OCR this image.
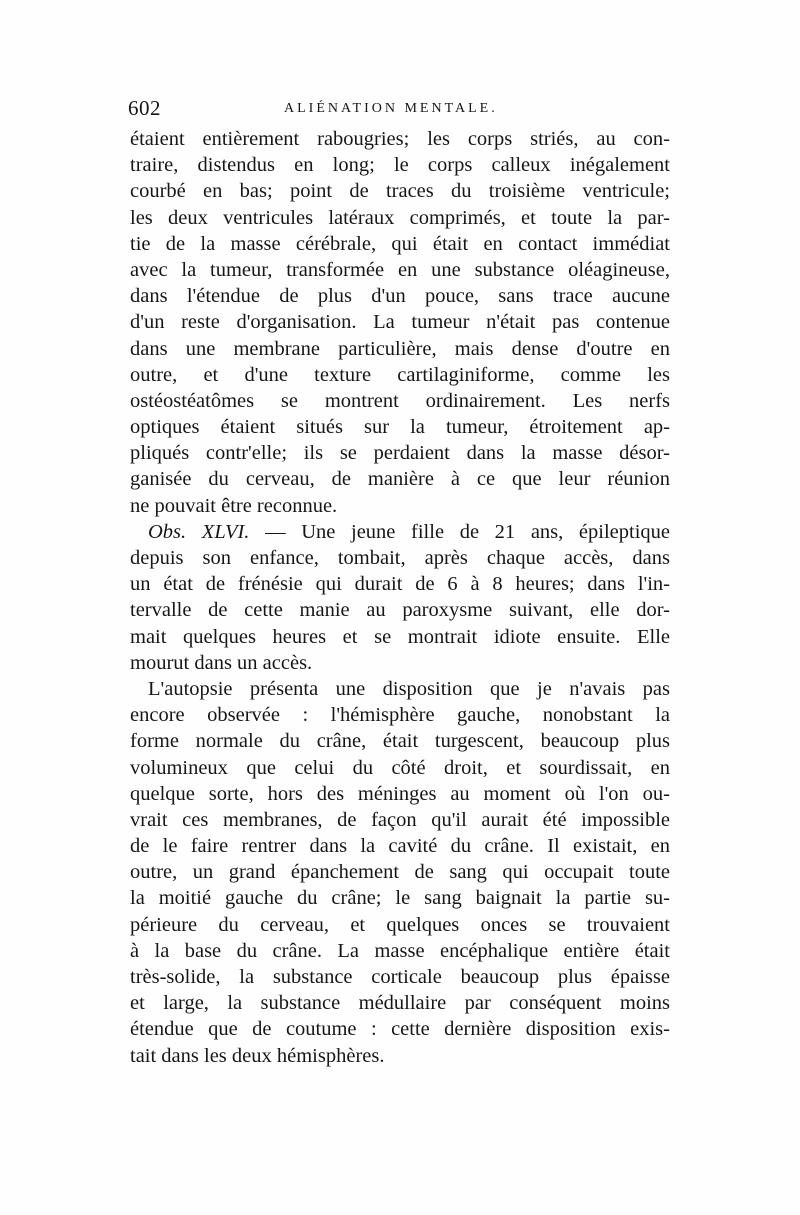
602	ALIÉNATION MENTALE.
étaient entièrement rabougries; les corps striés, au con-
traire, distendus en long; le corps calleux inégalement
courbé en bas; point de traces du troisième ventricule;
les deux ventricules latéraux comprimés, et toute la par-
tie de la masse cérébrale, qui était en contact immédiat
avec la tumeur, transformée en une substance oléagineuse,
dans l'étendue de plus d'un pouce, sans trace aucune
d'un reste d'organisation. La tumeur n'était pas contenue
dans une membrane particulière, mais dense d'outre en
outre, et d'une texture cartilaginiforme, comme les
ostéostéatômes se montrent ordinairement. Les nerfs
optiques étaient situés sur la tumeur, étroitement ap-
pliqués contr'elle; ils se perdaient dans la masse désor-
ganisée du cerveau, de manière à ce que leur réunion
ne pouvait être reconnue.
Obs. XLVI. — Une jeune fille de 21 ans, épileptique
depuis son enfance, tombait, après chaque accès, dans
un état de frénésie qui durait de 6 à 8 heures; dans l'in-
tervalle de cette manie au paroxysme suivant, elle dor-
mait quelques heures et se montrait idiote ensuite. Elle
mourut dans un accès.
L'autopsie présenta une disposition que je n'avais pas
encore observée : l'hémisphère gauche, nonobstant la
forme normale du crâne, était turgescent, beaucoup plus
volumineux que celui du côté droit, et sourdissait, en
quelque sorte, hors des méninges au moment où l'on ou-
vrait ces membranes, de façon qu'il aurait été impossible
de le faire rentrer dans la cavité du crâne. Il existait, en
outre, un grand épanchement de sang qui occupait toute
la moitié gauche du crâne; le sang baignait la partie su-
périeure du cerveau, et quelques onces se trouvaient
à la base du crâne. La masse encéphalique entière était
très-solide, la substance corticale beaucoup plus épaisse
et large, la substance médullaire par conséquent moins
étendue que de coutume : cette dernière disposition exis-
tait dans les deux hémisphères.
